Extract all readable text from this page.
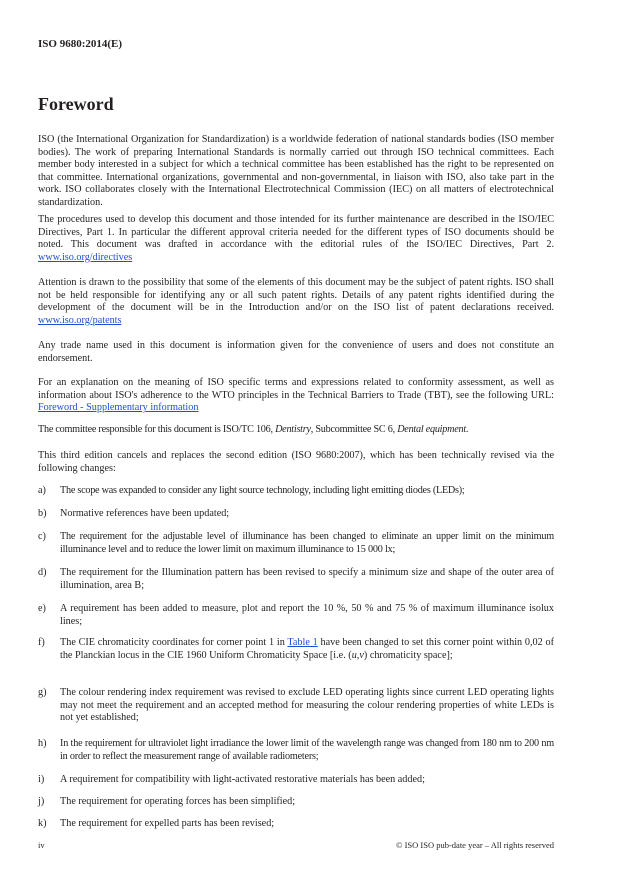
ISO 9680:2014(E)
Foreword

ISO (the International Organization for Standardization) is a worldwide federation of national standards bodies (ISO member bodies). The work of preparing International Standards is normally carried out through ISO technical committees. Each member body interested in a subject for which a technical committee has been established has the right to be represented on that committee. International organizations, governmental and non-governmental, in liaison with ISO, also take part in the work. ISO collaborates closely with the International Electrotechnical Commission (IEC) on all matters of electrotechnical standardization.

The procedures used to develop this document and those intended for its further maintenance are described in the ISO/IEC Directives, Part 1. In particular the different approval criteria needed for the different types of ISO documents should be noted. This document was drafted in accordance with the editorial rules of the ISO/IEC Directives, Part 2. www.iso.org/directives

Attention is drawn to the possibility that some of the elements of this document may be the subject of patent rights. ISO shall not be held responsible for identifying any or all such patent rights. Details of any patent rights identified during the development of the document will be in the Introduction and/or on the ISO list of patent declarations received. www.iso.org/patents

Any trade name used in this document is information given for the convenience of users and does not constitute an endorsement.

For an explanation on the meaning of ISO specific terms and expressions related to conformity assessment, as well as information about ISO's adherence to the WTO principles in the Technical Barriers to Trade (TBT), see the following URL: Foreword - Supplementary information

The committee responsible for this document is ISO/TC 106, Dentistry, Subcommittee SC 6, Dental equipment.

This third edition cancels and replaces the second edition (ISO 9680:2007), which has been technically revised via the following changes:

a) The scope was expanded to consider any light source technology, including light emitting diodes (LEDs);
b) Normative references have been updated;
c) The requirement for the adjustable level of illuminance has been changed to eliminate an upper limit on the minimum illuminance level and to reduce the lower limit on maximum illuminance to 15 000 lx;
d) The requirement for the Illumination pattern has been revised to specify a minimum size and shape of the outer area of illumination, area B;
e) A requirement has been added to measure, plot and report the 10 %, 50 % and 75 % of maximum illuminance isolux lines;
f) The CIE chromaticity coordinates for corner point 1 in Table 1 have been changed to set this corner point within 0,02 of the Planckian locus in the CIE 1960 Uniform Chromaticity Space [i.e. (u,v) chromaticity space];
g) The colour rendering index requirement was revised to exclude LED operating lights since current LED operating lights may not meet the requirement and an accepted method for measuring the colour rendering properties of white LEDs is not yet established;
h) In the requirement for ultraviolet light irradiance the lower limit of the wavelength range was changed from 180 nm to 200 nm in order to reflect the measurement range of available radiometers;
i) A requirement for compatibility with light-activated restorative materials has been added;
j) The requirement for operating forces has been simplified;
k) The requirement for expelled parts has been revised;
iv	© ISO ISO pub-date year – All rights reserved
